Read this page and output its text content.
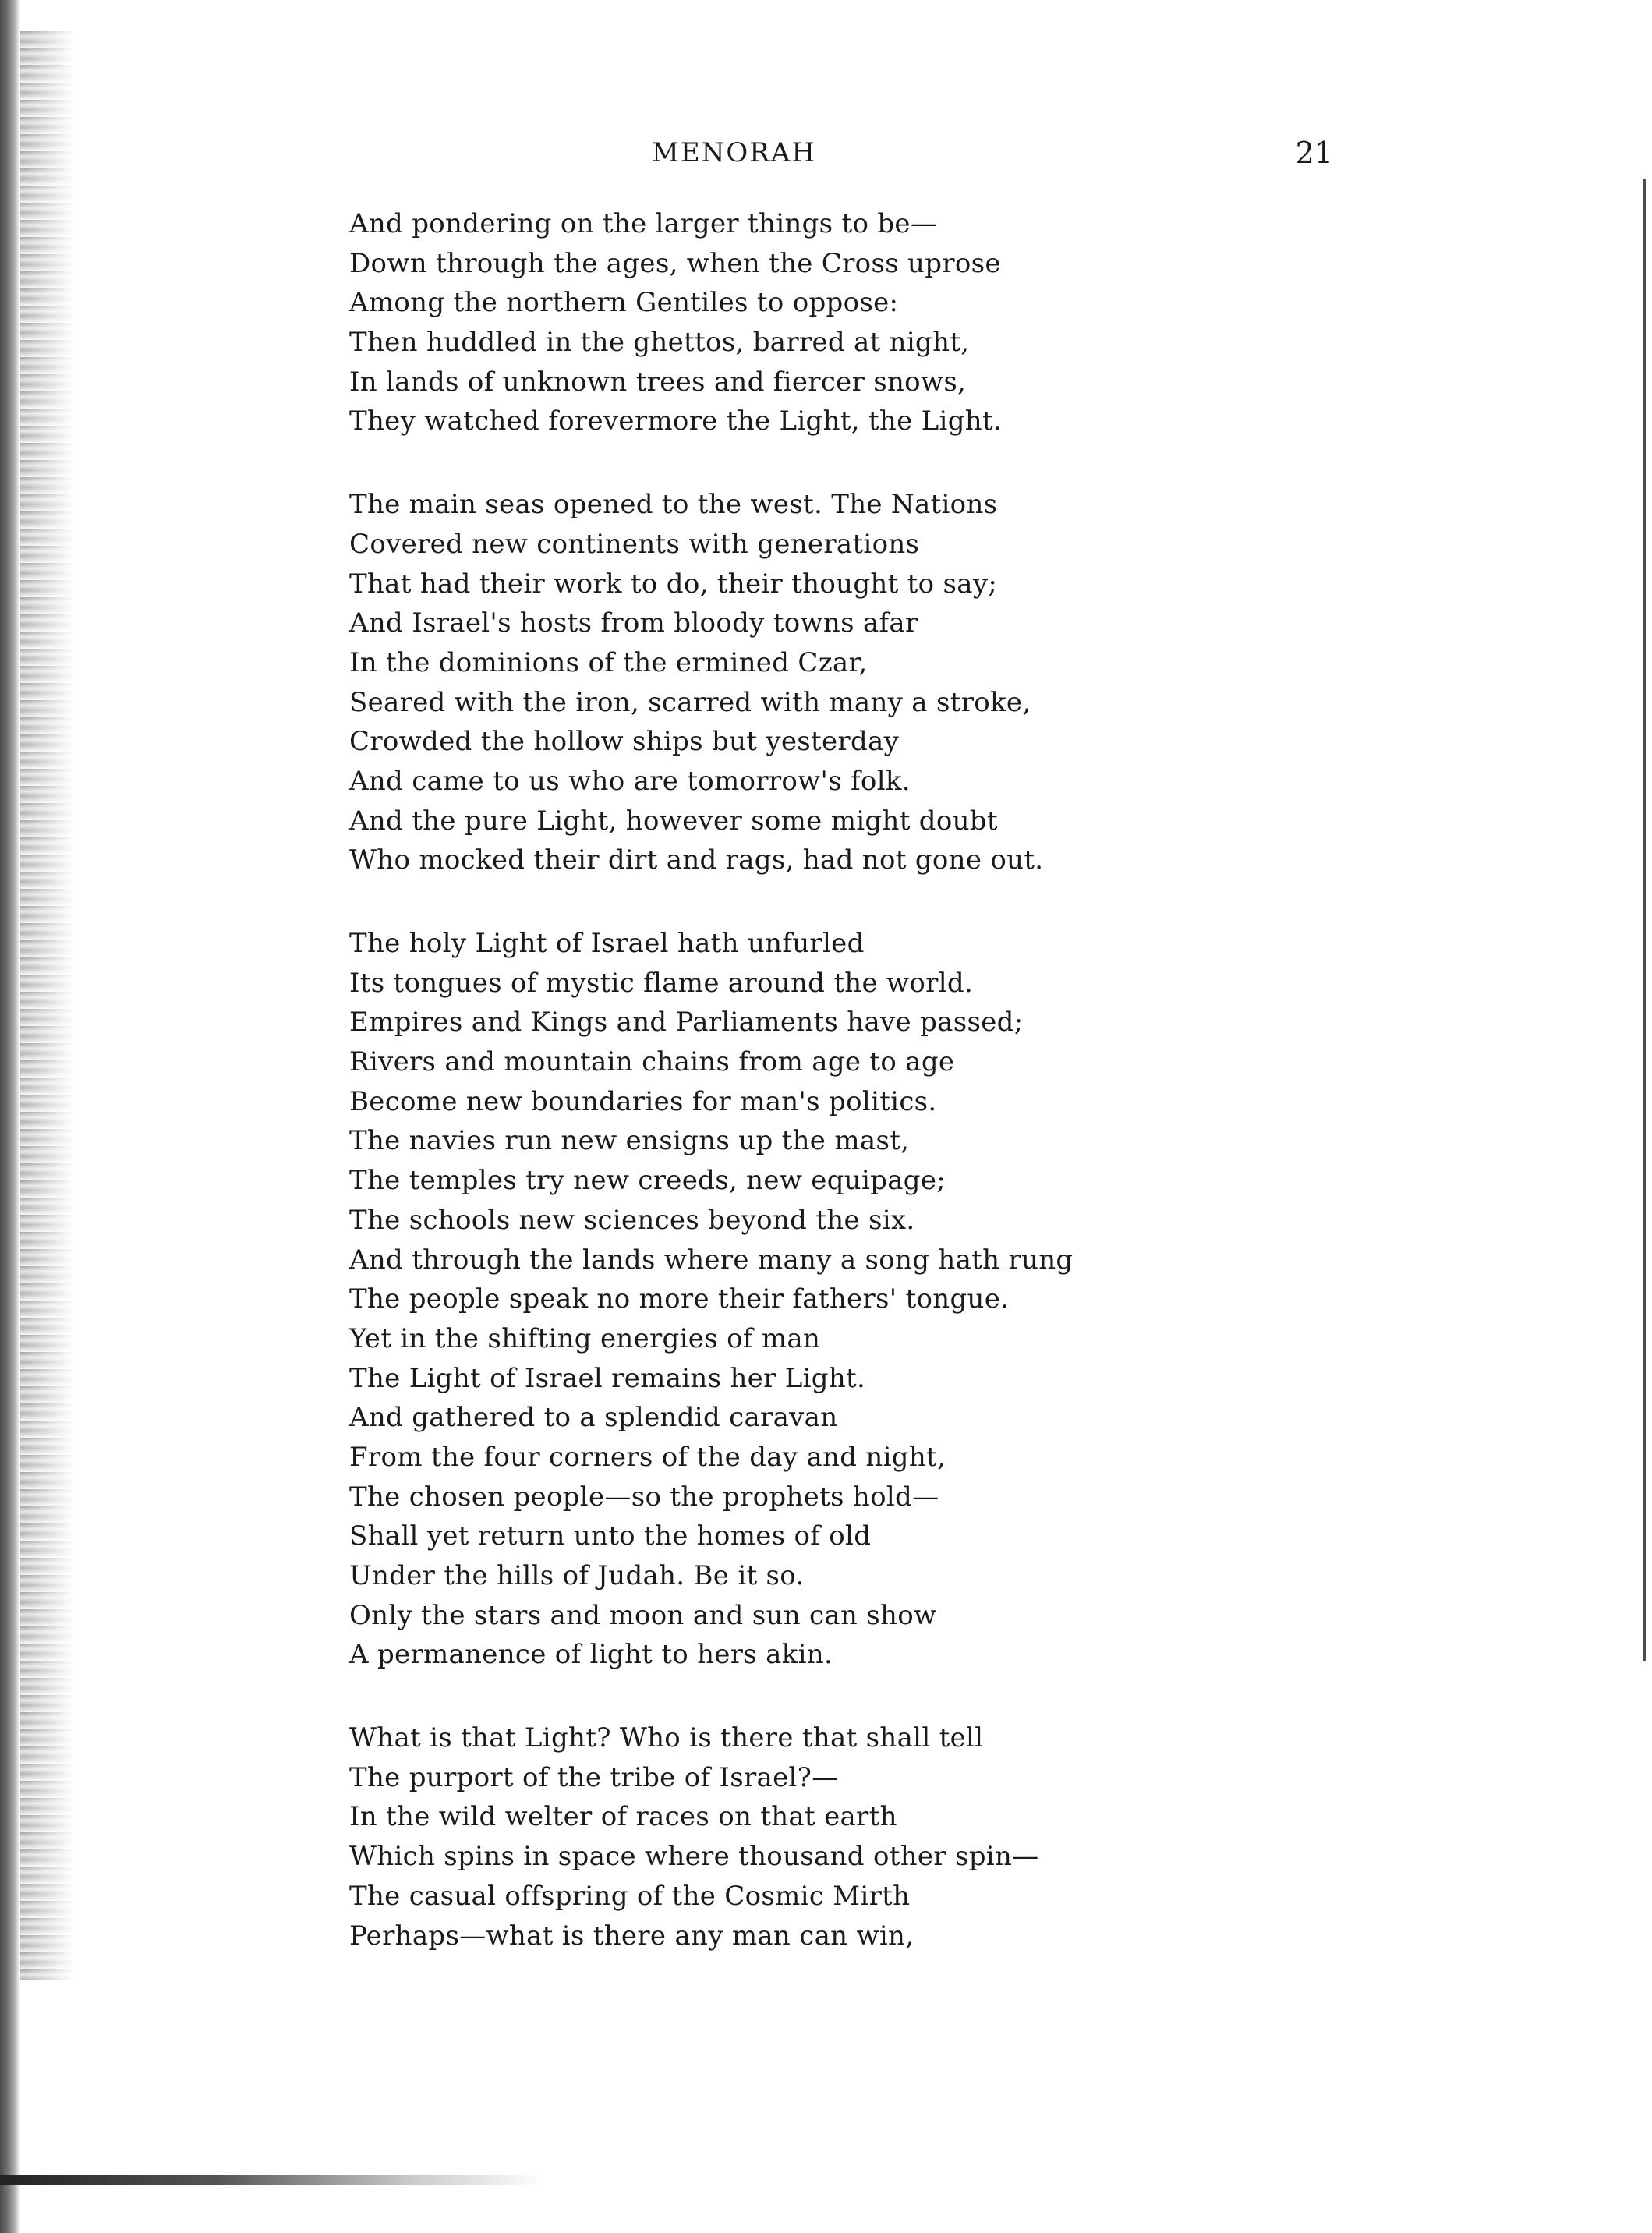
MENORAH	21
And pondering on the larger things to be—
Down through the ages, when the Cross uprose
Among the northern Gentiles to oppose:
Then huddled in the ghettos, barred at night,
In lands of unknown trees and fiercer snows,
They watched forevermore the Light, the Light.
The main seas opened to the west. The Nations
Covered new continents with generations
That had their work to do, their thought to say;
And Israel's hosts from bloody towns afar
In the dominions of the ermined Czar,
Seared with the iron, scarred with many a stroke,
Crowded the hollow ships but yesterday
And came to us who are tomorrow's folk.
And the pure Light, however some might doubt
Who mocked their dirt and rags, had not gone out.
The holy Light of Israel hath unfurled
Its tongues of mystic flame around the world.
Empires and Kings and Parliaments have passed;
Rivers and mountain chains from age to age
Become new boundaries for man's politics.
The navies run new ensigns up the mast,
The temples try new creeds, new equipage;
The schools new sciences beyond the six.
And through the lands where many a song hath rung
The people speak no more their fathers' tongue.
Yet in the shifting energies of man
The Light of Israel remains her Light.
And gathered to a splendid caravan
From the four corners of the day and night,
The chosen people—so the prophets hold—
Shall yet return unto the homes of old
Under the hills of Judah. Be it so.
Only the stars and moon and sun can show
A permanence of light to hers akin.
What is that Light? Who is there that shall tell
The purport of the tribe of Israel?—
In the wild welter of races on that earth
Which spins in space where thousand other spin—
The casual offspring of the Cosmic Mirth
Perhaps—what is there any man can win,
